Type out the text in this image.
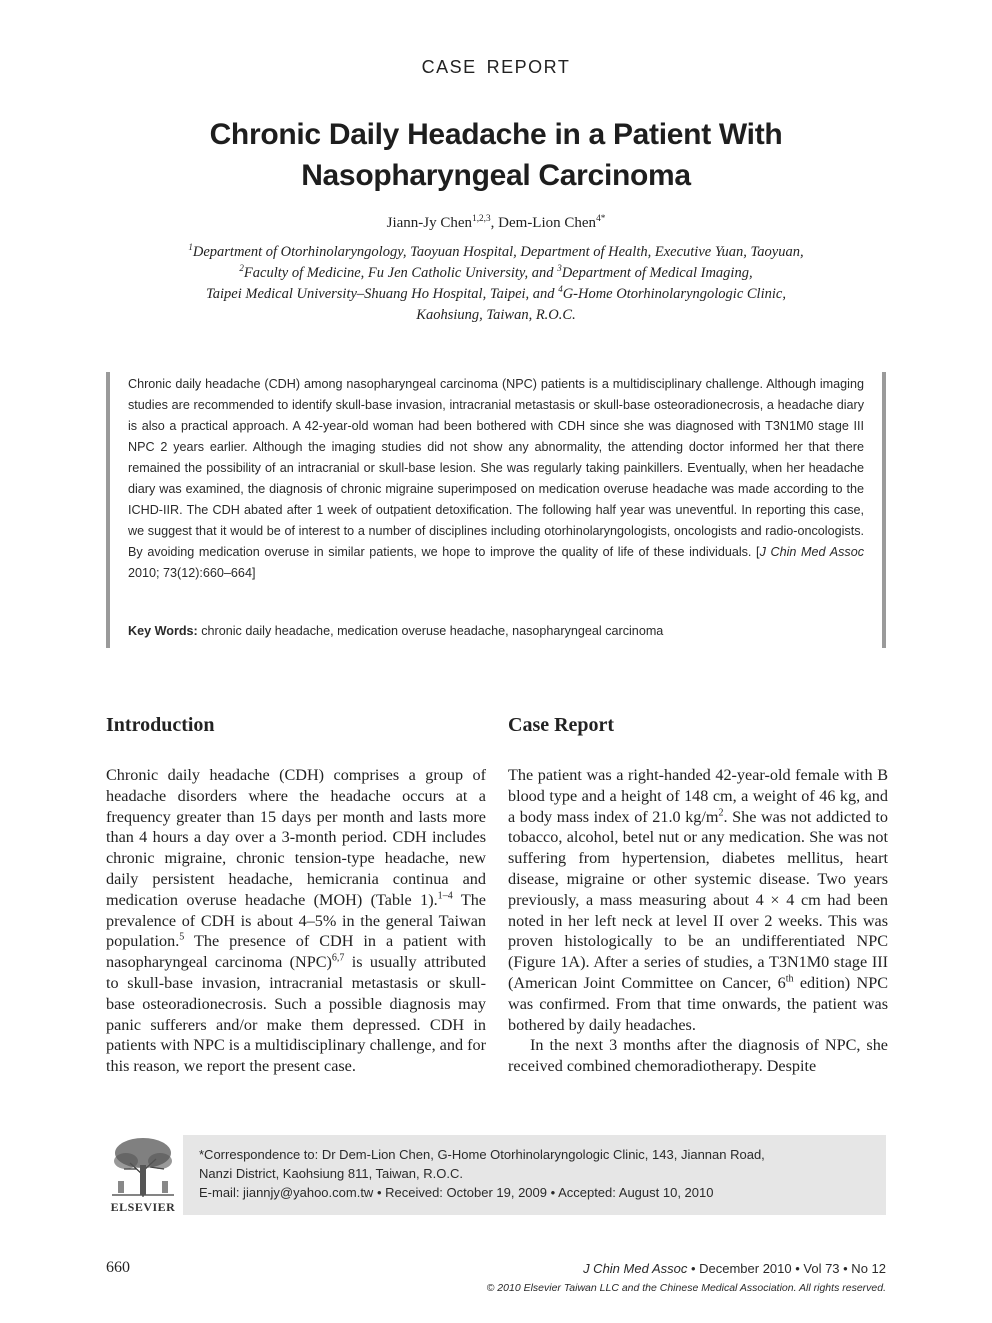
CASE REPORT
Chronic Daily Headache in a Patient With Nasopharyngeal Carcinoma
Jiann-Jy Chen$^{1,2,3}$, Dem-Lion Chen$^{4*}$
$^1$Department of Otorhinolaryngology, Taoyuan Hospital, Department of Health, Executive Yuan, Taoyuan,
$^2$Faculty of Medicine, Fu Jen Catholic University, and $^3$Department of Medical Imaging,
Taipei Medical University–Shuang Ho Hospital, Taipei, and $^4$G-Home Otorhinolaryngologic Clinic,
Kaohsiung, Taiwan, R.O.C.
Chronic daily headache (CDH) among nasopharyngeal carcinoma (NPC) patients is a multidisciplinary challenge. Although imaging studies are recommended to identify skull-base invasion, intracranial metastasis or skull-base osteoradionecrosis, a headache diary is also a practical approach. A 42-year-old woman had been bothered with CDH since she was diagnosed with T3N1M0 stage III NPC 2 years earlier. Although the imaging studies did not show any abnormality, the attending doctor informed her that there remained the possibility of an intracranial or skull-base lesion. She was regularly taking painkillers. Eventually, when her headache diary was examined, the diagnosis of chronic migraine superimposed on medication overuse headache was made according to the ICHD-IIR. The CDH abated after 1 week of outpatient detoxification. The following half year was uneventful. In reporting this case, we suggest that it would be of interest to a number of disciplines including otorhinolaryngologists, oncologists and radio-oncologists. By avoiding medication overuse in similar patients, we hope to improve the quality of life of these individuals. [J Chin Med Assoc 2010; 73(12):660–664]
Key Words: chronic daily headache, medication overuse headache, nasopharyngeal carcinoma
Introduction

Chronic daily headache (CDH) comprises a group of headache disorders where the headache occurs at a frequency greater than 15 days per month and lasts more than 4 hours a day over a 3-month period. CDH includes chronic migraine, chronic tension-type headache, new daily persistent headache, hemicrania continua and medication overuse headache (MOH) (Table 1).$^{1-4}$ The prevalence of CDH is about 4–5% in the general Taiwan population.$^5$ The presence of CDH in a patient with nasopharyngeal carcinoma (NPC)$^{6,7}$ is usually attributed to skull-base invasion, intracranial metastasis or skull-base osteoradionecrosis. Such a possible diagnosis may panic sufferers and/or make them depressed. CDH in patients with NPC is a multidisciplinary challenge, and for this reason, we report the present case.

Case Report

The patient was a right-handed 42-year-old female with B blood type and a height of 148 cm, a weight of 46 kg, and a body mass index of 21.0 $kg/m^2$. She was not addicted to tobacco, alcohol, betel nut or any medication. She was not suffering from hypertension, diabetes mellitus, heart disease, migraine or other systemic disease. Two years previously, a mass measuring about 4 × 4 cm had been noted in her left neck at level II over 2 weeks. This was proven histologically to be an undifferentiated NPC (Figure 1A). After a series of studies, a T3N1M0 stage III (American Joint Committee on Cancer, 6th edition) NPC was confirmed. From that time onwards, the patient was bothered by daily headaches.

In the next 3 months after the diagnosis of NPC, she received combined chemoradiotherapy. Despite

ELSEVIER
*Correspondence to: Dr Dem-Lion Chen, G-Home Otorhinolaryngologic Clinic, 143, Jiannan Road,
Nanzi District, Kaohsiung 811, Taiwan, R.O.C.
E-mail: jiannjy@yahoo.com.tw • Received: October 19, 2009 • Accepted: August 10, 2010
660	J Chin Med Assoc • December 2010 • Vol 73 • No 12
© 2010 Elsevier Taiwan LLC and the Chinese Medical Association. All rights reserved.
